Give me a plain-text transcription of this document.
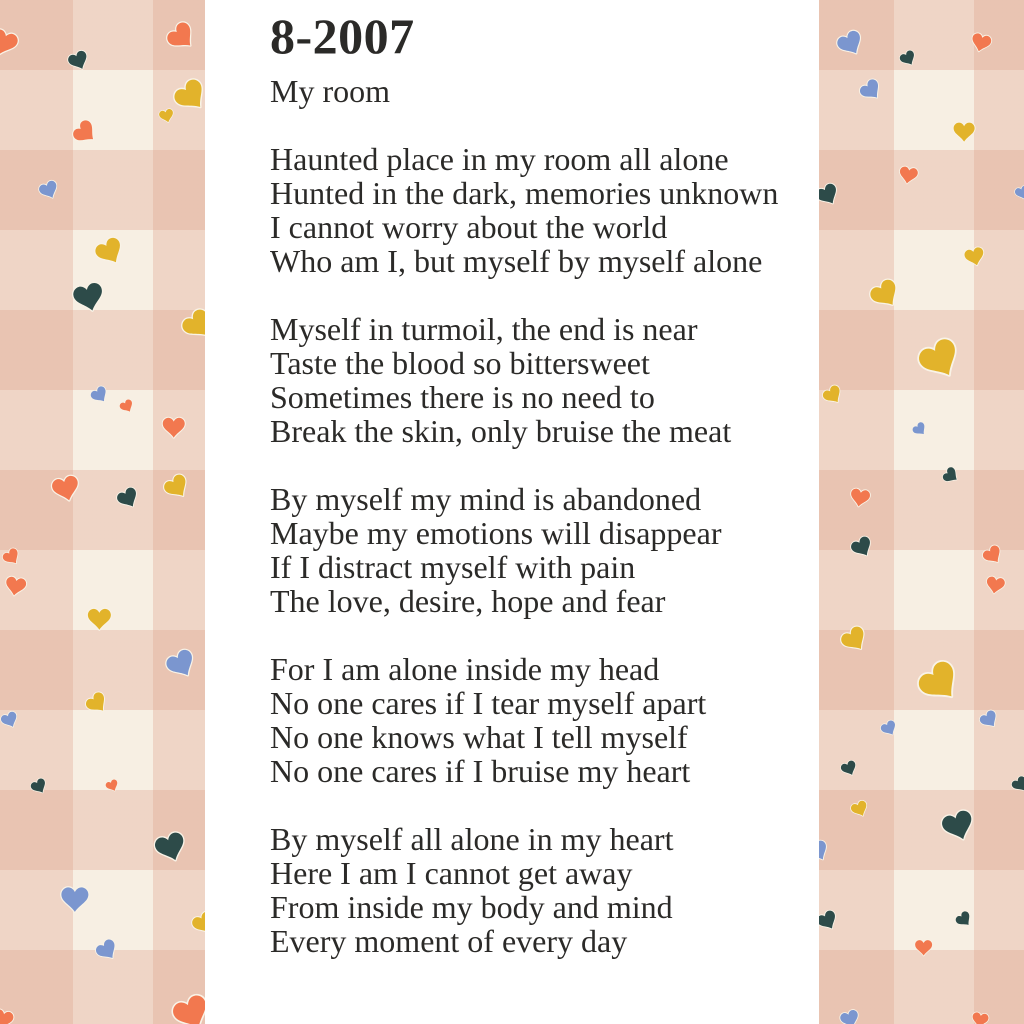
8-2007
My room
Haunted place in my room all alone
Hunted in the dark, memories unknown
I cannot worry about the world
Who am I, but myself by myself alone
Myself in turmoil, the end is near
Taste the blood so bittersweet
Sometimes there is no need to
Break the skin, only bruise the meat
By myself my mind is abandoned
Maybe my emotions will disappear
If I distract myself with pain
The love, desire, hope and fear
For I am alone inside my head
No one cares if I tear myself apart
No one knows what I tell myself
No one cares if I bruise my heart
By myself all alone in my heart
Here I am I cannot get away
From inside my body and mind
Every moment of every day
